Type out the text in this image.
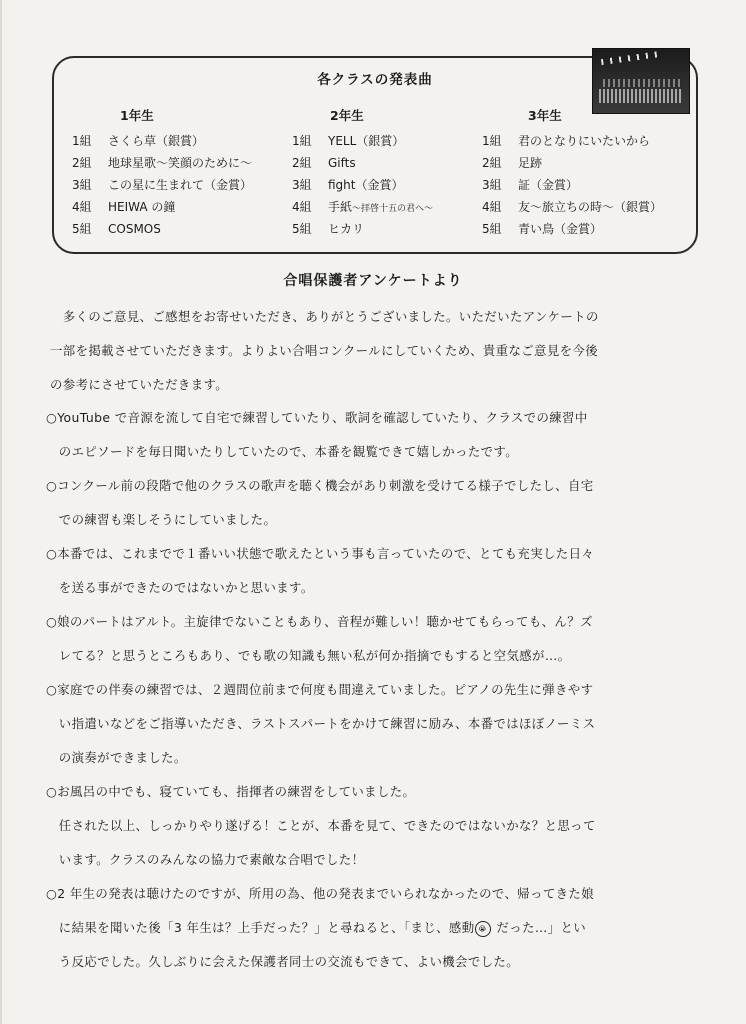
各クラスの発表曲
1年生
1組 さくら草（銀賞）
2組 地球星歌～笑顔のために～
3組 この星に生まれて（金賞）
4組 HEIWA の鐘
5組 COSMOS
2年生
1組 YELL（銀賞）
2組 Gifts
3組 fight（金賞）
4組 手紙～拝啓十五の君へ～
5組 ヒカリ
3年生
1組 君のとなりにいたいから
2組 足跡
3組 証（金賞）
4組 友～旅立ちの時～（銀賞）
5組 青い鳥（金賞）
合唱保護者アンケートより
　多くのご意見、ご感想をお寄せいただき、ありがとうございました。いただいたアンケートの
一部を掲載させていただきます。よりよい合唱コンクールにしていくため、貴重なご意見を今後
の参考にさせていただきます。
○YouTube で音源を流して自宅で練習していたり、歌詞を確認していたり、クラスでの練習中
　のエピソードを毎日聞いたりしていたので、本番を観覧できて嬉しかったです。
○コンクール前の段階で他のクラスの歌声を聴く機会があり刺激を受けてる様子でしたし、自宅
　での練習も楽しそうにしていました。
○本番では、これまでで１番いい状態で歌えたという事も言っていたので、とても充実した日々
　を送る事ができたのではないかと思います。
○娘のパートはアルト。主旋律でないこともあり、音程が難しい！聴かせてもらっても、ん？ズ
　レてる？と思うところもあり、でも歌の知識も無い私が何か指摘でもすると空気感が…。
○家庭での伴奏の練習では、２週間位前まで何度も間違えていました。ピアノの先生に弾きやす
　い指遣いなどをご指導いただき、ラストスパートをかけて練習に励み、本番ではほぼノーミス
　の演奏ができました。
○お風呂の中でも、寝ていても、指揮者の練習をしていました。
　任された以上、しっかりやり遂げる！ことが、本番を見て、できたのではないかな？と思って
　います。クラスのみんなの協力で素敵な合唱でした！
○2 年生の発表は聴けたのですが、所用の為、他の発表までいられなかったので、帰ってきた娘
　に結果を聞いた後「3 年生は？上手だった？」と尋ねると、「まじ、感動 😭 だった…」とい
　う反応でした。久しぶりに会えた保護者同士の交流もできて、よい機会でした。
